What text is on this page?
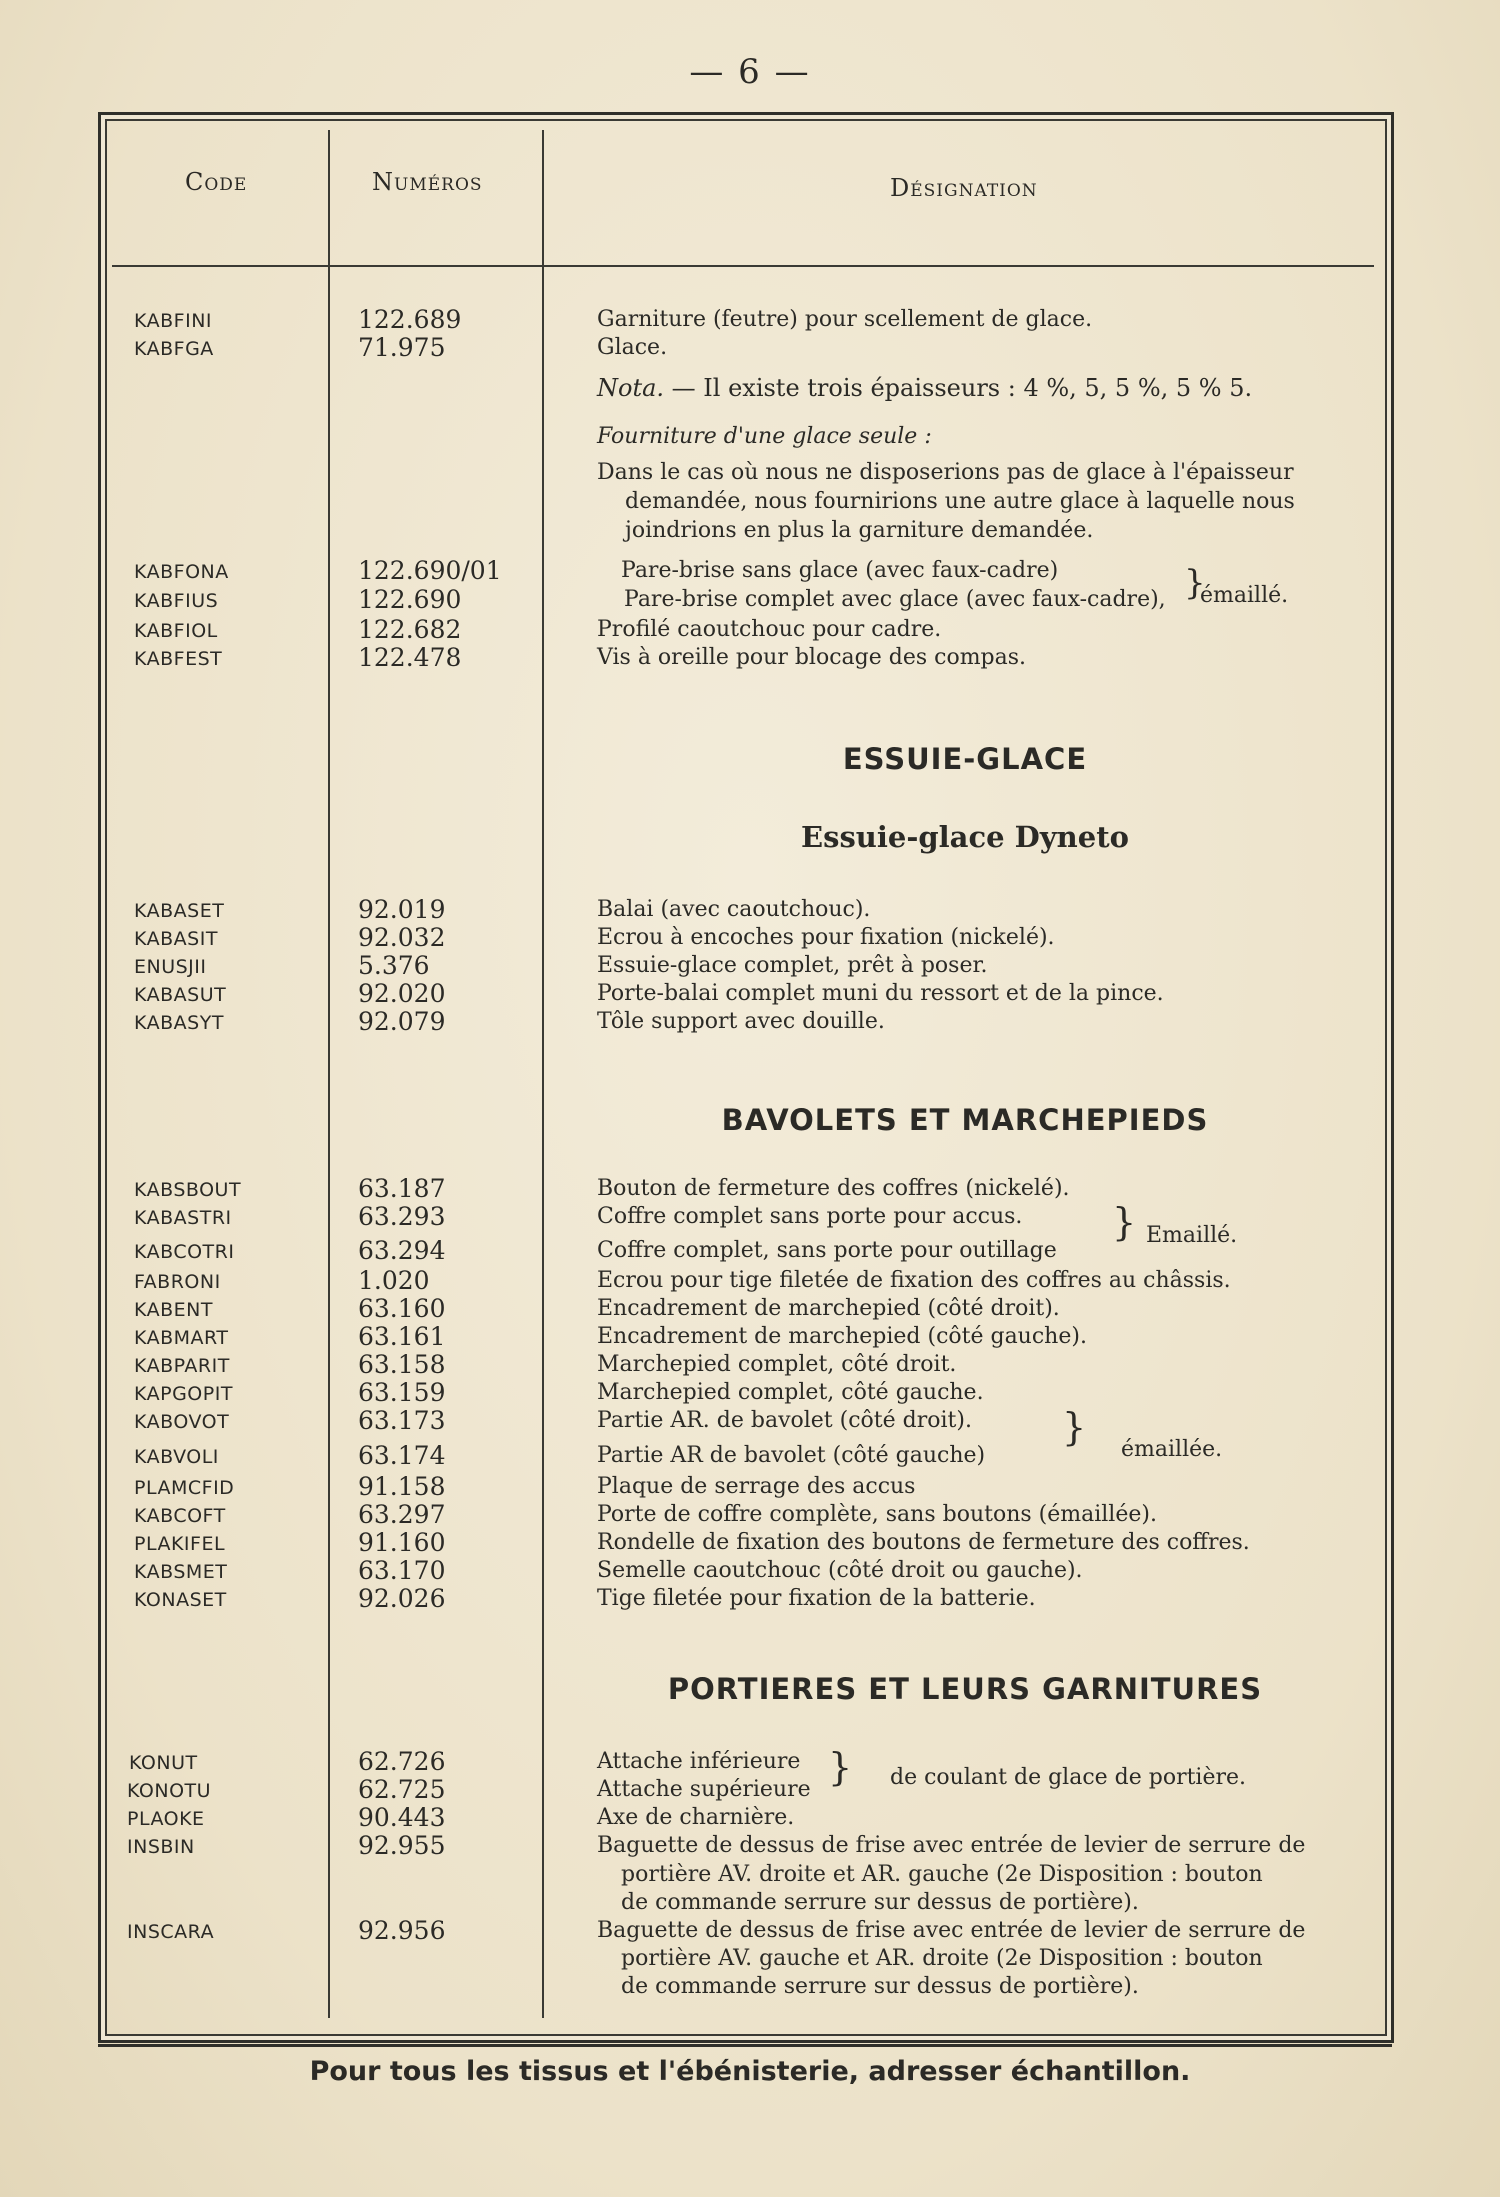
— 6 —
Code	Numéros	Désignation
KABFINI	122.689	Garniture (feutre) pour scellement de glace.
KABFGA	71.975	Glace.
Nota. — Il existe trois épaisseurs : 4 %, 5, 5 %, 5 % 5.
Fourniture d'une glace seule :
Dans le cas où nous ne disposerions pas de glace à l'épaisseur
demandée, nous fournirions une autre glace à laquelle nous
joindrions en plus la garniture demandée.
KABFONA	122.690/01	Pare-brise sans glace (avec faux-cadre)
KABFIUS	122.690	Pare-brise complet avec glace (avec faux-cadre), }
émaillé.
KABFIOL	122.682	Profilé caoutchouc pour cadre.
KABFEST	122.478	Vis à oreille pour blocage des compas.
ESSUIE-GLACE
Essuie-glace Dyneto
KABASET	92.019	Balai (avec caoutchouc).
KABASIT	92.032	Ecrou à encoches pour fixation (nickelé).
ENUSJII	5.376	Essuie-glace complet, prêt à poser.
KABASUT	92.020	Porte-balai complet muni du ressort et de la pince.
KABASYT	92.079	Tôle support avec douille.
BAVOLETS ET MARCHEPIEDS
KABSBOUT	63.187	Bouton de fermeture des coffres (nickelé).
KABASTRI	63.293	Coffre complet sans porte pour accus.
KABCOTRI	63.294	Coffre complet, sans porte pour outillage
} Emaillé.
FABRONI	1.020	Ecrou pour tige filetée de fixation des coffres au châssis.
KABENT	63.160	Encadrement de marchepied (côté droit).
KABMART	63.161	Encadrement de marchepied (côté gauche).
KABPARIT	63.158	Marchepied complet, côté droit.
KAPGOPIT	63.159	Marchepied complet, côté gauche.
KABOVOT	63.173	Partie AR. de bavolet (côté droit).
KABVOLI	63.174	Partie AR de bavolet (côté gauche)
}
émaillée.
PLAMCFID	91.158	Plaque de serrage des accus
KABCOFT	63.297	Porte de coffre complète, sans boutons (émaillée).
PLAKIFEL	91.160	Rondelle de fixation des boutons de fermeture des coffres.
KABSMET	63.170	Semelle caoutchouc (côté droit ou gauche).
KONASET	92.026	Tige filetée pour fixation de la batterie.
PORTIERES ET LEURS GARNITURES
KONUT	62.726	Attache inférieure
KONOTU	62.725	Attache supérieure
} de coulant de glace de portière.
PLAOKE	90.443	Axe de charnière.
INSBIN	92.955	Baguette de dessus de frise avec entrée de levier de serrure de
portière AV. droite et AR. gauche (2e Disposition : bouton
de commande serrure sur dessus de portière).
INSCARA	92.956	Baguette de dessus de frise avec entrée de levier de serrure de
portière AV. gauche et AR. droite (2e Disposition : bouton
de commande serrure sur dessus de portière).
Pour tous les tissus et l'ébénisterie, adresser échantillon.
